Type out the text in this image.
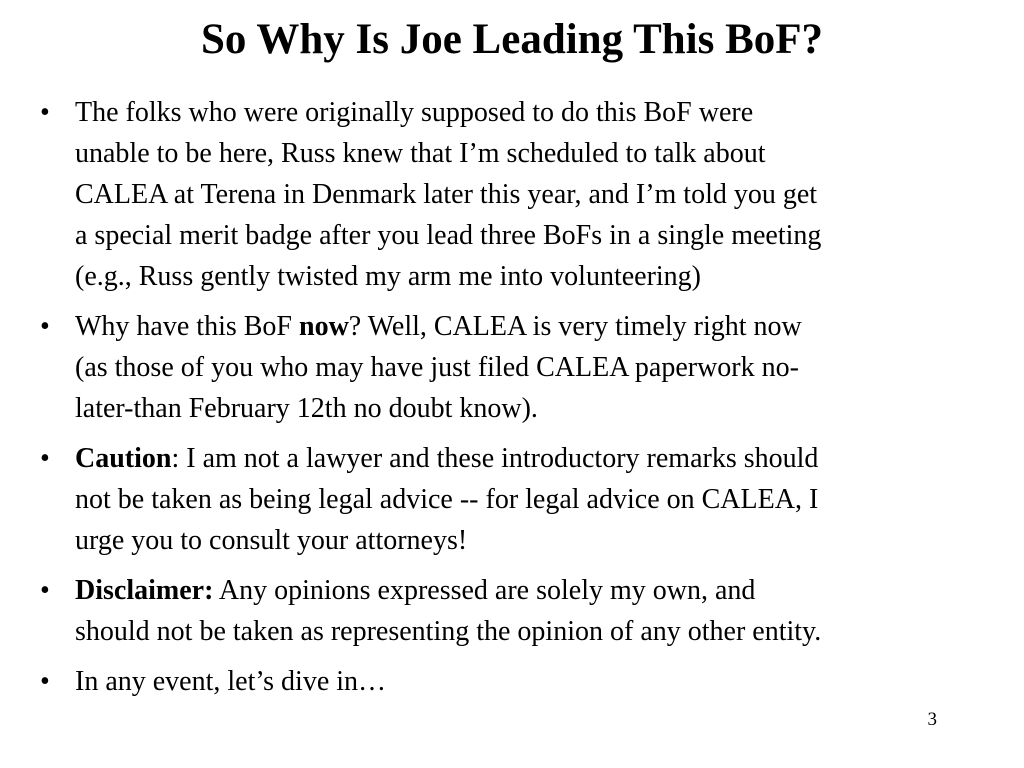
So Why Is Joe Leading This BoF?
• The folks who were originally supposed to do this BoF were
unable to be here, Russ knew that I’m scheduled to talk about
CALEA at Terena in Denmark later this year, and I’m told you get
a special merit badge after you lead three BoFs in a single meeting
(e.g., Russ gently twisted my arm me into volunteering)
• Why have this BoF now? Well, CALEA is very timely right now
(as those of you who may have just filed CALEA paperwork no-
later-than February 12th no doubt know).
• Caution: I am not a lawyer and these introductory remarks should
not be taken as being legal advice -- for legal advice on CALEA, I
urge you to consult your attorneys!
• Disclaimer: Any opinions expressed are solely my own, and
should not be taken as representing the opinion of any other entity.
• In any event, let’s dive in…
3
